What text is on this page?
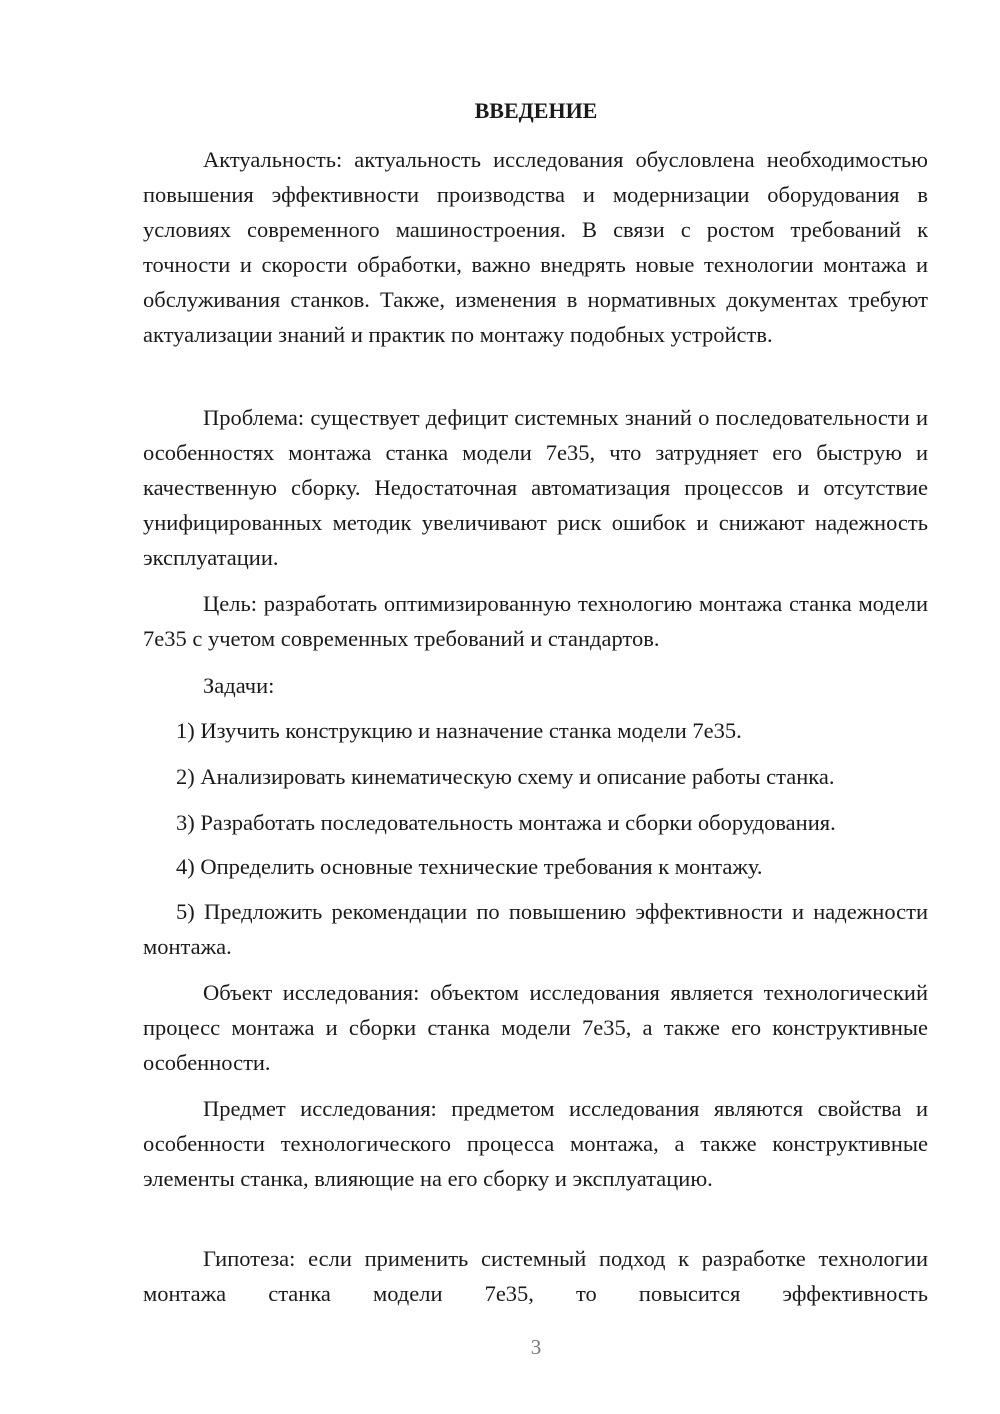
ВВЕДЕНИЕ

Актуальность: актуальность исследования обусловлена необходимостью повышения эффективности производства и модернизации оборудования в условиях современного машиностроения. В связи с ростом требований к точности и скорости обработки, важно внедрять новые технологии монтажа и обслуживания станков. Также, изменения в нормативных документах требуют актуализации знаний и практик по монтажу подобных устройств.

Проблема: существует дефицит системных знаний о последовательности и особенностях монтажа станка модели 7е35, что затрудняет его быструю и качественную сборку. Недостаточная автоматизация процессов и отсутствие унифицированных методик увеличивают риск ошибок и снижают надежность эксплуатации.

Цель: разработать оптимизированную технологию монтажа станка модели 7е35 с учетом современных требований и стандартов.

Задачи:

1) Изучить конструкцию и назначение станка модели 7е35.

2) Анализировать кинематическую схему и описание работы станка.

3) Разработать последовательность монтажа и сборки оборудования.

4) Определить основные технические требования к монтажу.

5) Предложить рекомендации по повышению эффективности и надежности монтажа.

Объект исследования: объектом исследования является технологический процесс монтажа и сборки станка модели 7е35, а также его конструктивные особенности.

Предмет исследования: предметом исследования являются свойства и особенности технологического процесса монтажа, а также конструктивные элементы станка, влияющие на его сборку и эксплуатацию.

Гипотеза: если применить системный подход к разработке технологии монтажа станка модели 7е35, то повысится эффективность

3
